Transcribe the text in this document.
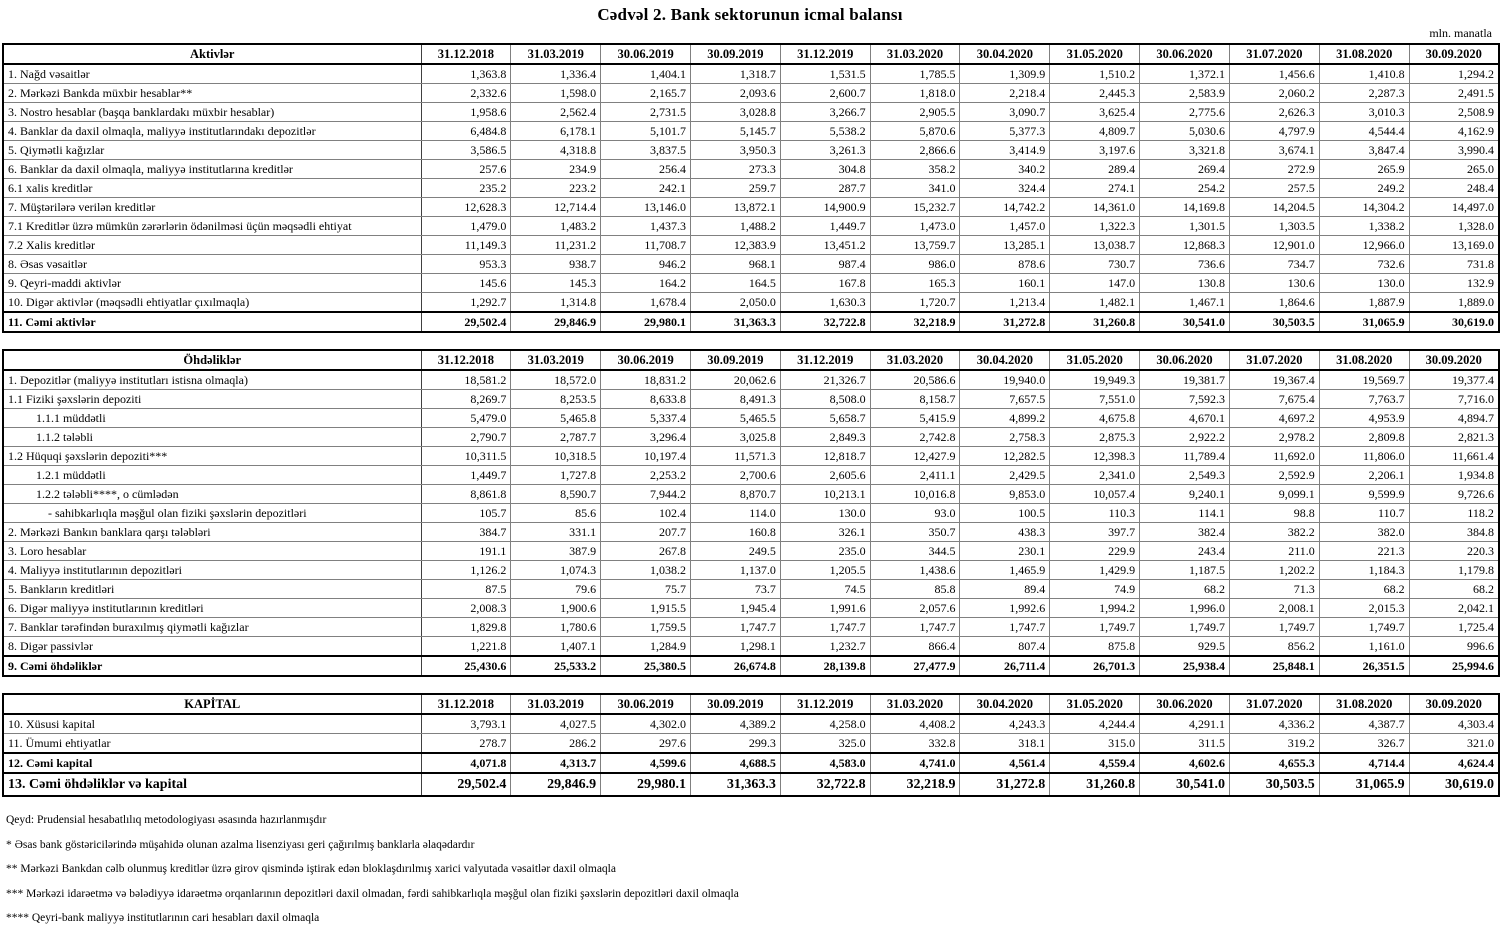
Cədvəl 2. Bank sektorunun icmal balansı
mln. manatla
Aktivlər	31.12.2018	31.03.2019	30.06.2019	30.09.2019	31.12.2019	31.03.2020	30.04.2020	31.05.2020	30.06.2020	31.07.2020	31.08.2020	30.09.2020
1. Nağd vəsaitlər	1,363.8	1,336.4	1,404.1	1,318.7	1,531.5	1,785.5	1,309.9	1,510.2	1,372.1	1,456.6	1,410.8	1,294.2
2. Mərkəzi Bankda müxbir hesablar**	2,332.6	1,598.0	2,165.7	2,093.6	2,600.7	1,818.0	2,218.4	2,445.3	2,583.9	2,060.2	2,287.3	2,491.5
3. Nostro hesablar (başqa banklardakı müxbir hesablar)	1,958.6	2,562.4	2,731.5	3,028.8	3,266.7	2,905.5	3,090.7	3,625.4	2,775.6	2,626.3	3,010.3	2,508.9
4. Banklar da daxil olmaqla, maliyyə institutlarındakı depozitlər	6,484.8	6,178.1	5,101.7	5,145.7	5,538.2	5,870.6	5,377.3	4,809.7	5,030.6	4,797.9	4,544.4	4,162.9
5. Qiymətli kağızlar	3,586.5	4,318.8	3,837.5	3,950.3	3,261.3	2,866.6	3,414.9	3,197.6	3,321.8	3,674.1	3,847.4	3,990.4
6. Banklar da daxil olmaqla, maliyyə institutlarına kreditlər	257.6	234.9	256.4	273.3	304.8	358.2	340.2	289.4	269.4	272.9	265.9	265.0
6.1 xalis kreditlər	235.2	223.2	242.1	259.7	287.7	341.0	324.4	274.1	254.2	257.5	249.2	248.4
7. Müştərilərə verilən kreditlər	12,628.3	12,714.4	13,146.0	13,872.1	14,900.9	15,232.7	14,742.2	14,361.0	14,169.8	14,204.5	14,304.2	14,497.0
7.1 Kreditlər üzrə mümkün zərərlərin ödənilməsi üçün məqsədli ehtiyat	1,479.0	1,483.2	1,437.3	1,488.2	1,449.7	1,473.0	1,457.0	1,322.3	1,301.5	1,303.5	1,338.2	1,328.0
7.2 Xalis kreditlər	11,149.3	11,231.2	11,708.7	12,383.9	13,451.2	13,759.7	13,285.1	13,038.7	12,868.3	12,901.0	12,966.0	13,169.0
8. Əsas vəsaitlər	953.3	938.7	946.2	968.1	987.4	986.0	878.6	730.7	736.6	734.7	732.6	731.8
9. Qeyri-maddi aktivlər	145.6	145.3	164.2	164.5	167.8	165.3	160.1	147.0	130.8	130.6	130.0	132.9
10. Digər aktivlər (məqsədli ehtiyatlar çıxılmaqla)	1,292.7	1,314.8	1,678.4	2,050.0	1,630.3	1,720.7	1,213.4	1,482.1	1,467.1	1,864.6	1,887.9	1,889.0
11. Cəmi aktivlər	29,502.4	29,846.9	29,980.1	31,363.3	32,722.8	32,218.9	31,272.8	31,260.8	30,541.0	30,503.5	31,065.9	30,619.0
Öhdəliklər	31.12.2018	31.03.2019	30.06.2019	30.09.2019	31.12.2019	31.03.2020	30.04.2020	31.05.2020	30.06.2020	31.07.2020	31.08.2020	30.09.2020
1. Depozitlər (maliyyə institutları istisna olmaqla)	18,581.2	18,572.0	18,831.2	20,062.6	21,326.7	20,586.6	19,940.0	19,949.3	19,381.7	19,367.4	19,569.7	19,377.4
1.1 Fiziki şəxslərin depoziti	8,269.7	8,253.5	8,633.8	8,491.3	8,508.0	8,158.7	7,657.5	7,551.0	7,592.3	7,675.4	7,763.7	7,716.0
1.1.1 müddətli	5,479.0	5,465.8	5,337.4	5,465.5	5,658.7	5,415.9	4,899.2	4,675.8	4,670.1	4,697.2	4,953.9	4,894.7
1.1.2 tələbli	2,790.7	2,787.7	3,296.4	3,025.8	2,849.3	2,742.8	2,758.3	2,875.3	2,922.2	2,978.2	2,809.8	2,821.3
1.2 Hüquqi şəxslərin depoziti***	10,311.5	10,318.5	10,197.4	11,571.3	12,818.7	12,427.9	12,282.5	12,398.3	11,789.4	11,692.0	11,806.0	11,661.4
1.2.1 müddətli	1,449.7	1,727.8	2,253.2	2,700.6	2,605.6	2,411.1	2,429.5	2,341.0	2,549.3	2,592.9	2,206.1	1,934.8
1.2.2 tələbli****, o cümlədən	8,861.8	8,590.7	7,944.2	8,870.7	10,213.1	10,016.8	9,853.0	10,057.4	9,240.1	9,099.1	9,599.9	9,726.6
- sahibkarlıqla məşğul olan fiziki şəxslərin depozitləri	105.7	85.6	102.4	114.0	130.0	93.0	100.5	110.3	114.1	98.8	110.7	118.2
2. Mərkəzi Bankın banklara qarşı tələbləri	384.7	331.1	207.7	160.8	326.1	350.7	438.3	397.7	382.4	382.2	382.0	384.8
3. Loro hesablar	191.1	387.9	267.8	249.5	235.0	344.5	230.1	229.9	243.4	211.0	221.3	220.3
4. Maliyyə institutlarının depozitləri	1,126.2	1,074.3	1,038.2	1,137.0	1,205.5	1,438.6	1,465.9	1,429.9	1,187.5	1,202.2	1,184.3	1,179.8
5. Bankların kreditləri	87.5	79.6	75.7	73.7	74.5	85.8	89.4	74.9	68.2	71.3	68.2	68.2
6. Digər maliyyə institutlarının kreditləri	2,008.3	1,900.6	1,915.5	1,945.4	1,991.6	2,057.6	1,992.6	1,994.2	1,996.0	2,008.1	2,015.3	2,042.1
7. Banklar tərəfindən buraxılmış qiymətli kağızlar	1,829.8	1,780.6	1,759.5	1,747.7	1,747.7	1,747.7	1,747.7	1,749.7	1,749.7	1,749.7	1,749.7	1,725.4
8. Digər passivlər	1,221.8	1,407.1	1,284.9	1,298.1	1,232.7	866.4	807.4	875.8	929.5	856.2	1,161.0	996.6
9. Cəmi öhdəliklər	25,430.6	25,533.2	25,380.5	26,674.8	28,139.8	27,477.9	26,711.4	26,701.3	25,938.4	25,848.1	26,351.5	25,994.6
KAPİTAL	31.12.2018	31.03.2019	30.06.2019	30.09.2019	31.12.2019	31.03.2020	30.04.2020	31.05.2020	30.06.2020	31.07.2020	31.08.2020	30.09.2020
10. Xüsusi kapital	3,793.1	4,027.5	4,302.0	4,389.2	4,258.0	4,408.2	4,243.3	4,244.4	4,291.1	4,336.2	4,387.7	4,303.4
11. Ümumi ehtiyatlar	278.7	286.2	297.6	299.3	325.0	332.8	318.1	315.0	311.5	319.2	326.7	321.0
12. Cəmi kapital	4,071.8	4,313.7	4,599.6	4,688.5	4,583.0	4,741.0	4,561.4	4,559.4	4,602.6	4,655.3	4,714.4	4,624.4
13. Cəmi öhdəliklər və kapital	29,502.4	29,846.9	29,980.1	31,363.3	32,722.8	32,218.9	31,272.8	31,260.8	30,541.0	30,503.5	31,065.9	30,619.0
Qeyd: Prudensial hesabatlılıq metodologiyası əsasında hazırlanmışdır
* Əsas bank göstəricilərində müşahidə olunan azalma lisenziyası geri çağırılmış banklarla əlaqədardır
** Mərkəzi Bankdan cəlb olunmuş kreditlər üzrə girov qismində iştirak edən bloklaşdırılmış xarici valyutada vəsaitlər daxil olmaqla
*** Mərkəzi idarəetmə və bələdiyyə idarəetmə orqanlarının depozitləri daxil olmadan, fərdi sahibkarlıqla məşğul olan fiziki şəxslərin depozitləri daxil olmaqla
**** Qeyri-bank maliyyə institutlarının cari hesabları daxil olmaqla
